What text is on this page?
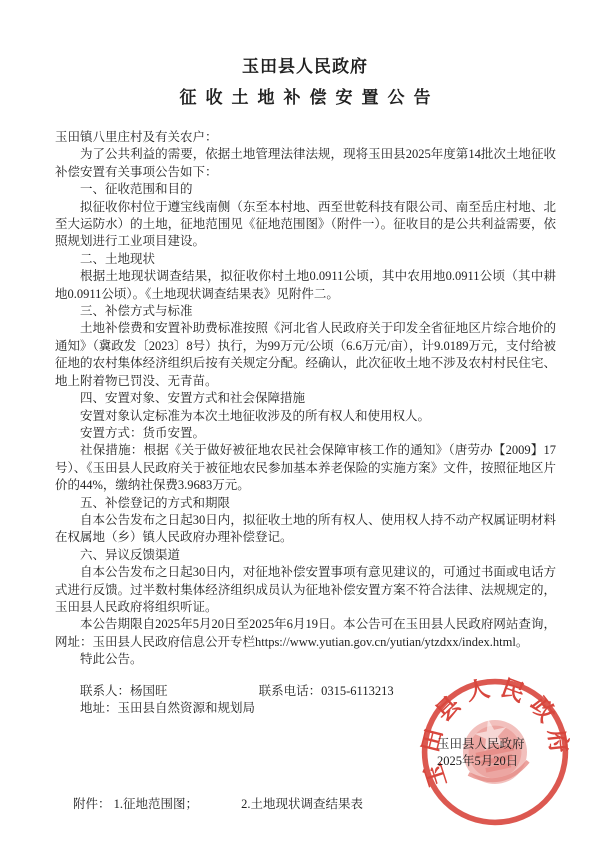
玉田县人民政府
征收土地补偿安置公告

玉田镇八里庄村及有关农户：

为了公共利益的需要，依据土地管理法律法规，现将玉田县2025年度第14批次土地征收补偿安置有关事项公告如下：

一、征收范围和目的

拟征收你村位于遵宝线南侧（东至本村地、西至世乾科技有限公司、南至岳庄村地、北至大运防水）的土地，征地范围见《征地范围图》（附件一）。征收目的是公共利益需要，依照规划进行工业项目建设。

二、土地现状

根据土地现状调查结果，拟征收你村土地0.0911公顷，其中农用地0.0911公顷（其中耕地0.0911公顷）。《土地现状调查结果表》见附件二。

三、补偿方式与标准

土地补偿费和安置补助费标准按照《河北省人民政府关于印发全省征地区片综合地价的通知》（冀政发〔2023〕8号）执行，为99万元/公顷（6.6万元/亩），计9.0189万元，支付给被征地的农村集体经济组织后按有关规定分配。经确认，此次征收土地不涉及农村村民住宅、地上附着物已罚没、无青苗。

四、安置对象、安置方式和社会保障措施

安置对象认定标准为本次土地征收涉及的所有权人和使用权人。

安置方式：货币安置。

社保措施：根据《关于做好被征地农民社会保障审核工作的通知》（唐劳办【2009】17号）、《玉田县人民政府关于被征地农民参加基本养老保险的实施方案》文件，按照征地区片价的44%，缴纳社保费3.9683万元。

五、补偿登记的方式和期限

自本公告发布之日起30日内，拟征收土地的所有权人、使用权人持不动产权属证明材料在权属地（乡）镇人民政府办理补偿登记。

六、异议反馈渠道

自本公告发布之日起30日内，对征地补偿安置事项有意见建议的，可通过书面或电话方式进行反馈。过半数村集体经济组织成员认为征地补偿安置方案不符合法律、法规规定的，玉田县人民政府将组织听证。

本公告期限自2025年5月20日至2025年6月19日。本公告可在玉田县人民政府网站查询，网址：玉田县人民政府信息公开专栏https://www.yutian.gov.cn/yutian/ytzdxx/index.html。

特此公告。

联系人：杨国旺	联系电话：0315-6113213

地址：玉田县自然资源和规划局

玉田县人民政府
2025年5月20日
玉田县人民政府
附件： 1.征地范围图；	2.土地现状调查结果表
